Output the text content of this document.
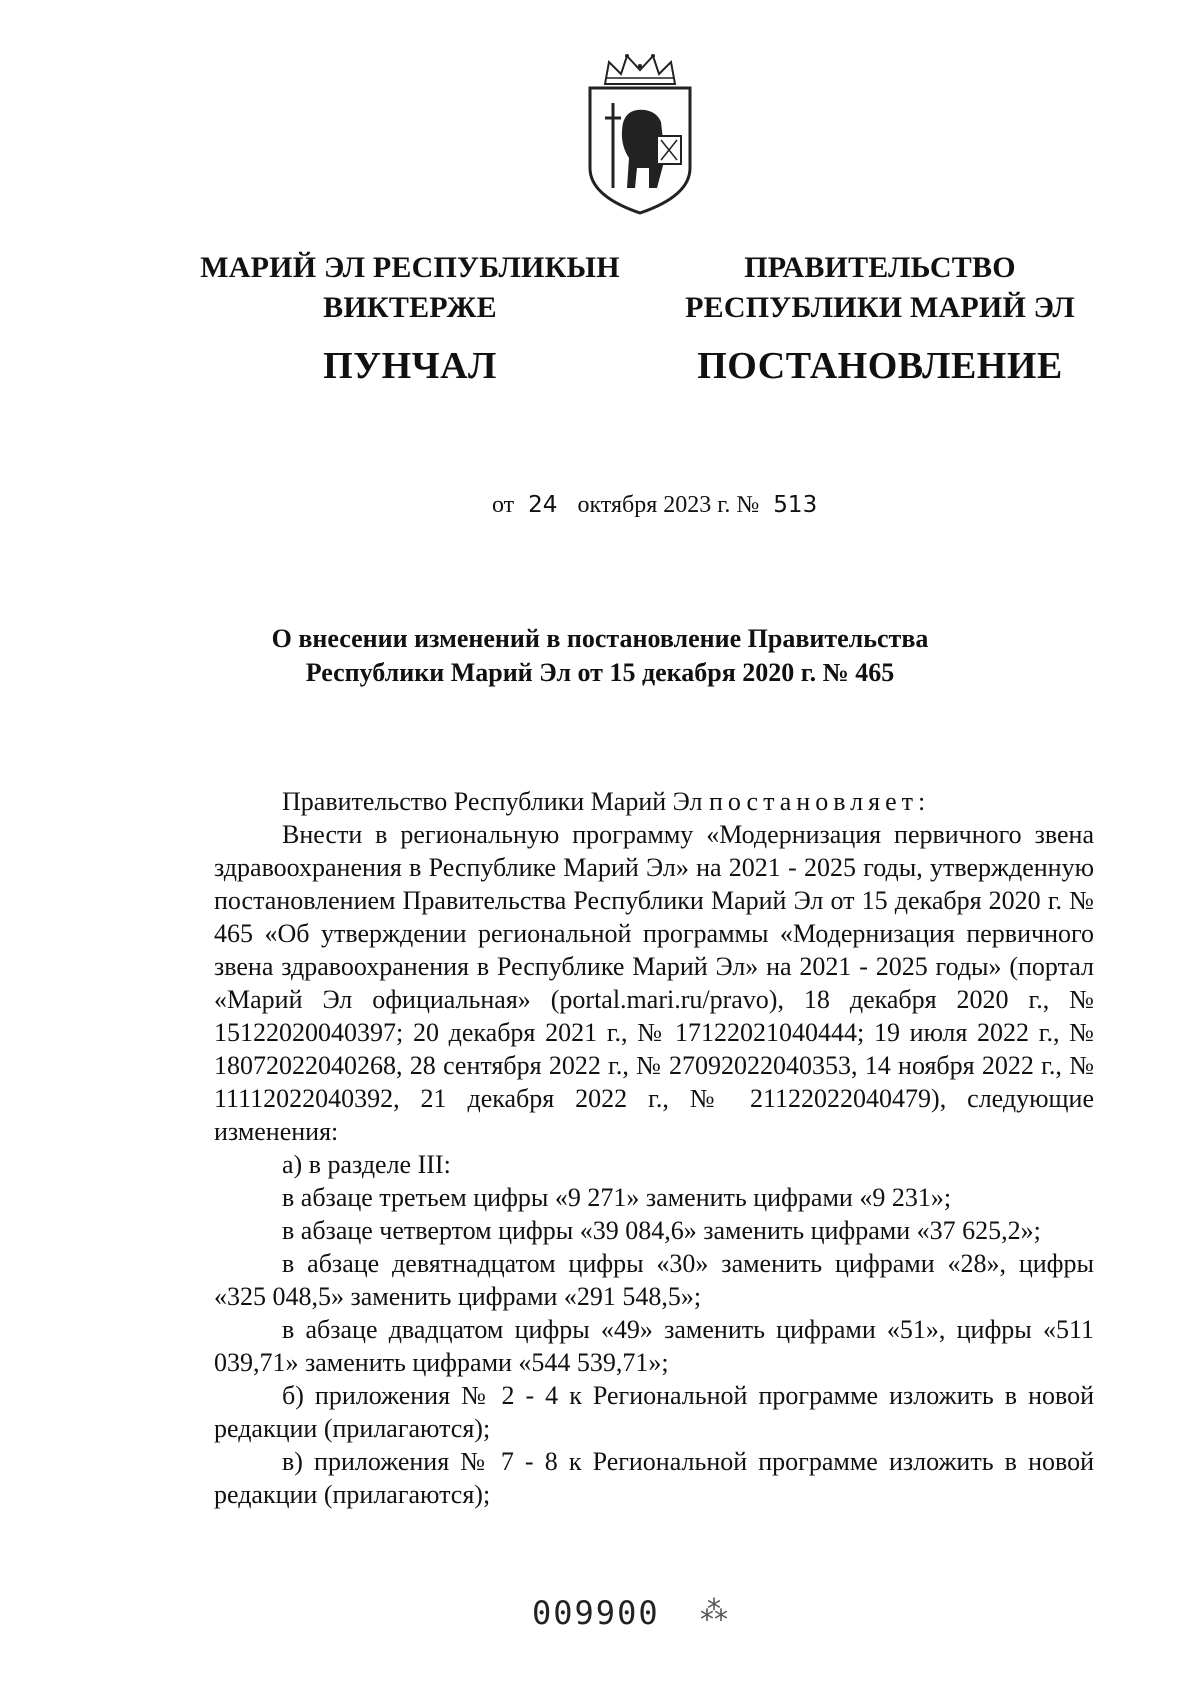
МАРИЙ ЭЛ РЕСПУБЛИКЫН
ВИКТЕРЖЕ
ПУНЧАЛ
ПРАВИТЕЛЬСТВО
РЕСПУБЛИКИ МАРИЙ ЭЛ
ПОСТАНОВЛЕНИЕ
от 24 октября 2023 г. № 513
О внесении изменений в постановление Правительства
Республики Марий Эл от 15 декабря 2020 г. № 465
Правительство Республики Марий Эл постановляет:
Внести в региональную программу «Модернизация первичного звена здравоохранения в Республике Марий Эл» на 2021 - 2025 годы, утвержденную постановлением Правительства Республики Марий Эл от 15 декабря 2020 г. № 465 «Об утверждении региональной программы «Модернизация первичного звена здравоохранения в Республике Марий Эл» на 2021 - 2025 годы» (портал «Марий Эл официальная» (portal.mari.ru/pravo), 18 декабря 2020 г., № 15122020040397; 20 декабря 2021 г., № 17122021040444; 19 июля 2022 г., № 18072022040268, 28 сентября 2022 г., № 27092022040353, 14 ноября 2022 г., № 11112022040392, 21 декабря 2022 г., № 21122022040479), следующие изменения:
а) в разделе III:
в абзаце третьем цифры «9 271» заменить цифрами «9 231»;
в абзаце четвертом цифры «39 084,6» заменить цифрами «37 625,2»;
в абзаце девятнадцатом цифры «30» заменить цифрами «28», цифры «325 048,5» заменить цифрами «291 548,5»;
в абзаце двадцатом цифры «49» заменить цифрами «51», цифры «511 039,71» заменить цифрами «544 539,71»;
б) приложения № 2 - 4 к Региональной программе изложить в новой редакции (прилагаются);
в) приложения № 7 - 8 к Региональной программе изложить в новой редакции (прилагаются);
009900 ⁂
